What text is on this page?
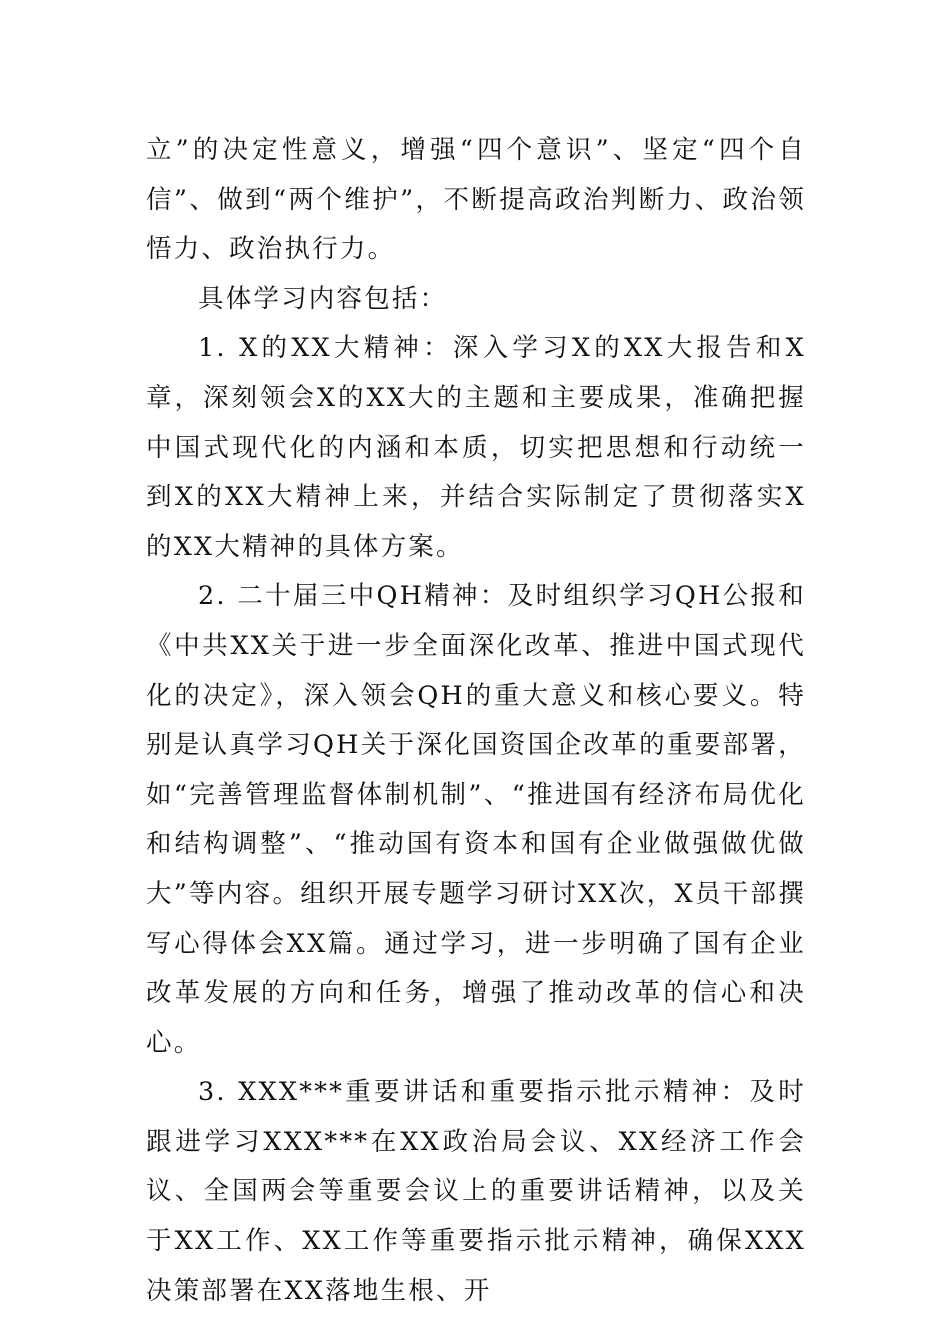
立”的决定性意义，增强“四个意识”、坚定“四个自信”、做到“两个维护”，不断提高政治判断力、政治领悟力、政治执行力。

具体学习内容包括：

1. X的XX大精神：深入学习X的XX大报告和X章，深刻领会X的XX大的主题和主要成果，准确把握中国式现代化的内涵和本质，切实把思想和行动统一到X的XX大精神上来，并结合实际制定了贯彻落实X的XX大精神的具体方案。

2. 二十届三中QH精神：及时组织学习QH公报和《中共XX关于进一步全面深化改革、推进中国式现代化的决定》，深入领会QH的重大意义和核心要义。特别是认真学习QH关于深化国资国企改革的重要部署，如“完善管理监督体制机制”、“推进国有经济布局优化和结构调整”、“推动国有资本和国有企业做强做优做大”等内容。组织开展专题学习研讨XX次，X员干部撰写心得体会XX篇。通过学习，进一步明确了国有企业改革发展的方向和任务，增强了推动改革的信心和决心。

3. XXX***重要讲话和重要指示批示精神：及时跟进学习XXX***在XX政治局会议、XX经济工作会议、全国两会等重要会议上的重要讲话精神，以及关于XX工作、XX工作等重要指示批示精神，确保XXX决策部署在XX落地生根、开
